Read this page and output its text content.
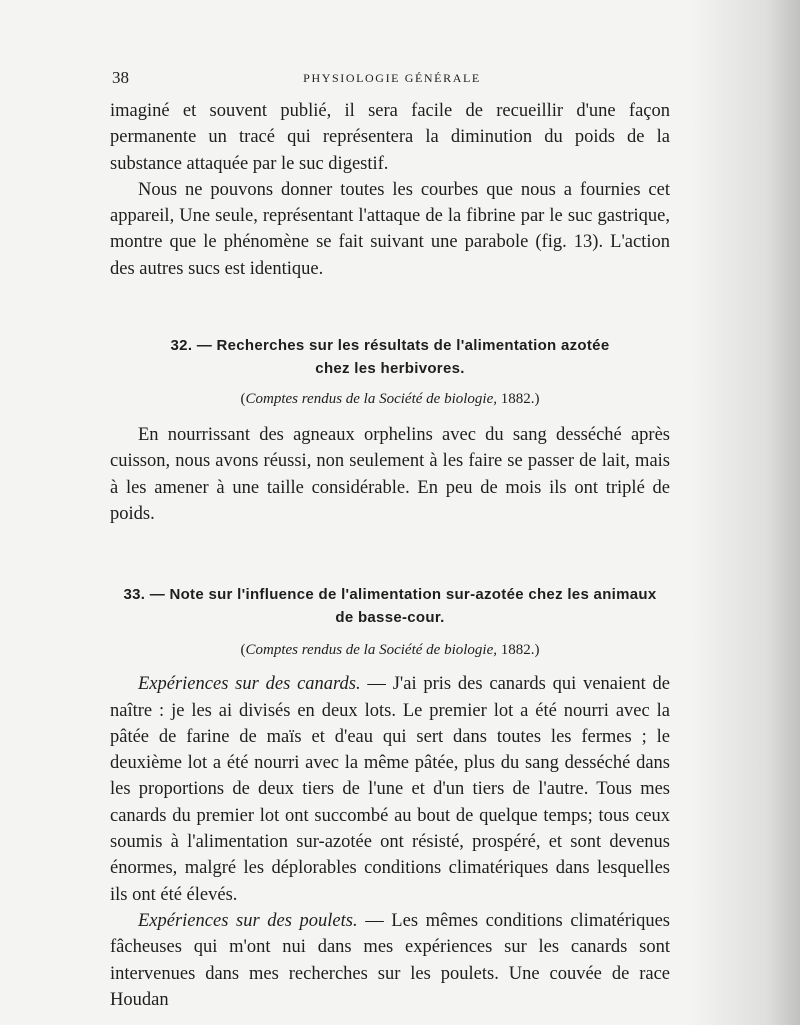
38	PHYSIOLOGIE GÉNÉRALE

imaginé et souvent publié, il sera facile de recueillir d'une façon permanente un tracé qui représentera la diminution du poids de la substance attaquée par le suc digestif.

Nous ne pouvons donner toutes les courbes que nous a fournies cet appareil, Une seule, représentant l'attaque de la fibrine par le suc gastrique, montre que le phénomène se fait suivant une parabole (fig. 13). L'action des autres sucs est identique.

32. — Recherches sur les résultats de l'alimentation azotée
chez les herbivores.
(Comptes rendus de la Société de biologie, 1882.)

En nourrissant des agneaux orphelins avec du sang desséché après cuisson, nous avons réussi, non seulement à les faire se passer de lait, mais à les amener à une taille considérable. En peu de mois ils ont triplé de poids.

33. — Note sur l'influence de l'alimentation sur-azotée chez les animaux
de basse-cour.
(Comptes rendus de la Société de biologie, 1882.)

Expériences sur des canards. — J'ai pris des canards qui venaient de naître : je les ai divisés en deux lots. Le premier lot a été nourri avec la pâtée de farine de maïs et d'eau qui sert dans toutes les fermes ; le deuxième lot a été nourri avec la même pâtée, plus du sang desséché dans les proportions de deux tiers de l'une et d'un tiers de l'autre. Tous mes canards du premier lot ont succombé au bout de quelque temps; tous ceux soumis à l'alimentation sur-azotée ont résisté, prospéré, et sont devenus énormes, malgré les déplorables conditions climatériques dans lesquelles ils ont été élevés.

Expériences sur des poulets. — Les mêmes conditions climatériques fâcheuses qui m'ont nui dans mes expériences sur les canards sont intervenues dans mes recherches sur les poulets. Une couvée de race Houdan
